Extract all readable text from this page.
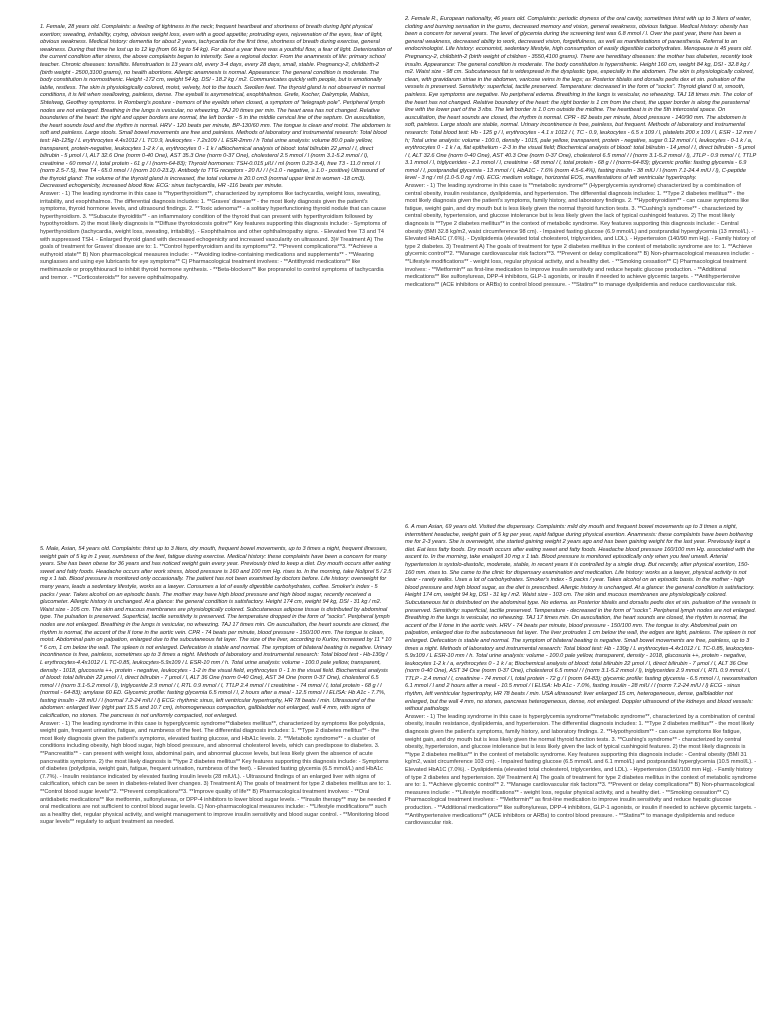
1. Female, 28 years old. Complaints: a feeling of tightness in the neck; frequent heartbeat and shortness of breath during light physical exertion; sweating, irritability, crying, obvious weight loss, even with a good appetite; protruding eyes, rejuvenation of the eyes, fear of light, obvious weakness. Medical history: dementia for about 2 years, tachycardia for the first time, shortness of breath during exercise, general weakness. During that time he lost up to 12 kg (from 66 kg to 54 kg). For about a year there was a youthful flow, a fear of light. Deterioration of the current condition after stress, the above complaints began to intensify. See a regional doctor. From the anamnesis of life: primary school teacher. Chronic diseases: tonsillitis. Menstruation is 13 years old, every 3-4 days, every 28 days, small, stable. Pregnancy-2, childbirth-2 (birth weight - 2500,3100 grams), no health abortions. Allergic anamnesis is normal. Appearance: The general condition is moderate. The body constitution is normosthenic. Height -172 cm, weight 54 kg. DSI - 18.2 kg / m2. Communicates quickly with people, but is emotionally labile, restless. The skin is physiologically colored, moist, velvety, hot to the touch. Swollen feet. The thyroid gland is not observed in normal conditions, it is felt when swallowing, painless, dense. The eyeball is asymmetrical, exophthalmos. Grefe, Kocher, Dalrymple, Mabius, Shtelwag, Geoffrey symptoms. In Romberg's posture - tremors of the eyelids when closed, a symptom of "telegraph pole". Peripheral lymph nodes are not enlarged. Breathing in the lungs is vesicular, no wheezing. TAJ 20 times per min. The heart area has not changed. Relative boundaries of the heart: the right and upper borders are normal, the left border - 5 in the middle cervical line of the septum. On auscultation, the heart sounds loud and the rhythm is normal. HRV - 120 beats per minute, BP-130/60 mm. The tongue is clean and moist. The abdomen is soft and painless. Large stools. Small bowel movements are free and painless. Methods of laboratory and instrumental research: Total blood test: Hb-125g / L erythrocytes 4.4x1012 / L TC0.9, leukocytes - 7.2x109 / L ESR-2mm / h Total urine analysis: volume 80.0 pale yellow, transparent, protein-negative, leukocytes 1-2 k / a, erythrocytes 0 - 1 k / aBiochemical analysis of blood: total bilirubin 22 μmol / l, direct bilirubin - 5 μmol / l, ALT 32.6 One (norm 0-40 One), AST 35.3 One (norm 0-37 One), cholesterol 2.5 mmol / l (norm 3.1-5.2 mmol / l), creatinine - 60 mmol / l, total protein - 61 g / l (norm-64-83); Thyroid hormones: TSH-0.015 μIU / ml (norm 0.23-3.4), free T3 - 11.0 nmol / l (norm 2.5-7.5), free T4 - 65.0 nmol / l (norm 10.0-23.2). Antibody to TTG receptors - 20 IU / l (<1.0 - negative, ≥ 1.0 - positive) Ultrasound of the thyroid gland: The volume of the thyroid gland is increased, the total volume is 20.0 cm3 (normal upper limit in women -18 cm3). Decreased echogenicity, increased blood flow. ECG: sinus tachycardia, HR -116 beats per minute.

Answer: - 1) The leading syndrome in this case is **hyperthyroidism**, characterized by symptoms like tachycardia, weight loss, sweating, irritability, and exophthalmos. The differential diagnosis includes: 1. **Graves' disease** - the most likely diagnosis given the patient's symptoms, thyroid hormone levels, and ultrasound findings. 2. **Toxic adenoma** - a solitary hyperfunctioning thyroid nodule that can cause hyperthyroidism. 3. **Subacute thyroiditis** - an inflammatory condition of the thyroid that can present with hyperthyroidism followed by hypothyroidism. 2) the most likely diagnosis is **Diffuse thyrotoxicosis goitre** Key features supporting this diagnosis include: - Symptoms of hyperthyroidism (tachycardia, weight loss, sweating, irritability). - Exophthalmos and other ophthalmopathy signs. - Elevated free T3 and T4 with suppressed TSH. - Enlarged thyroid gland with decreased echogenicity and increased vascularity on ultrasound. 3)# Treatment A) The goals of treatment for Graves' disease are to: 1. **Control hyperthyroidism and its symptoms**2. **Prevent complications**3. **Achieve a euthyroid state** B) Non pharmacological measures include: - **Avoiding iodine-containing medications and supplements** - **Wearing sunglasses and using eye lubricants for eye symptoms** C) Pharmacological treatment involves: - **Antithyroid medications** like methimazole or propylthiouracil to inhibit thyroid hormone synthesis. - **Beta-blockers** like propranolol to control symptoms of tachycardia and tremor. - **Corticosteroids** for severe ophthalmopathy.

2. Female R., European nationality, 46 years old. Complaints: periodic dryness of the oral cavity, sometimes thirst with up to 3 liters of water, clotting and burning sensation in the gums, decreased memory and vision, general weakness, obvious fatigue. Medical history: obesity has been a concern for several years. The level of glycemia during the screening test was 6.8 mmol / l. Over the past year, there has been a general weakness, decreased ability to work, decreased vision, forgetfulness, as well as manifestations of paraesthesia. Referral to an endocrinologist. Life history: economist, sedentary lifestyle, high consumption of easily digestible carbohydrates. Menopause is 45 years old. Pregnancy-2, childbirth-2 (birth weight of children - 3550,4100 grams). There are hereditary diseases: the mother has diabetes, recently took insulin. Appearance: The general condition is moderate. The body constitution is hypersthenic. Height 160 cm, weight 84 kg, DSI - 32.8 kg / m2. Waist size - 98 cm. Subcutaneous fat is widespread in the dysplastic type, especially in the abdomen. The skin is physiologically colored, clean, with gravidarum striae in the abdomen, varicose veins in the legs; as Posterior tibialis and dorsalis pedis dex et sin. pulsation of the vessels is preserved. Sensitivity: superficial, tactile preserved. Temperature: decreased in the form of "socks". Thyroid gland 0 st, smooth, painless. Eye symptoms are negative. No peripheral edema. Breathing in the lungs is vesicular, no wheezing. TAJ 18 times min. The color of the heart has not changed. Relative boundary of the heart: the right border is 1 cm from the chest, the upper border is along the parasternal line with the lower part of the 3 ribs. The left border is 1.0 cm outside the midline. The heartbeat is in the 5th intercostal space. On auscultation, the heart sounds are closed, the rhythm is normal. CPR - 82 beats per minute, blood pressure - 140/90 mm. The abdomen is soft, painless. Large stools are stable, normal. Urinary incontinence is free, painless, but frequent. Methods of laboratory and instrumental research: Total blood test: Hb - 125 g / l, erythrocytes - 4.1 x 1012 / l, TC - 0.9, leukocytes - 6.5 x 109 / l, platelets 200 x 109 / l, ESR - 12 mm / h; Total urine analysis: volume - 100.0, density - 1015, pale yellow, transparent, protein - negative, sugar 0.12 mmol / l, leukocytes - 0-1 k / a, erythrocytes 0 - 1 k / a, flat epithelium - 2-3 in the visual field; Biochemical analysis of blood: total bilirubin - 14 μmol / l, direct bilirubin - 5 μmol / l, ALT 32.6 One (norm 0-40 One), AST 40.3 One (norm 0-37 One), cholesterol 6.5 mmol / l (norm 3.1-5.2 mmol / l), JTLP - 0.9 mmol / l, TTLP 3.1 mmol / l, triglycerides - 2.1 mmol / l, creatinine - 68 mmol / l, total protein - 68 g / l (norm-64-83); glycemic profile: fasting glycemia - 6.9 mmol / l, postprandial glycemia - 13 mmol / l, HbA1C - 7.6% (norm 4.5-6.4%), fasting insulin - 38 mIU / l (norm 7.1-24.4 mIU / l), C-peptide level - 3 ng / ml (1.0-5.0 ng / ml). ECG: medium voltage, horizontal EOS, manifestations of left ventricular hypertrophy.

Answer: - 1) The leading syndrome in this case is **metabolic syndrome** (Hyperglycemia syndrome) characterized by a combination of central obesity, insulin resistance, dyslipidemia, and hypertension. The differential diagnosis includes: 1. **Type 2 diabetes mellitus** - the most likely diagnosis given the patient's symptoms, family history, and laboratory findings. 2. **Hypothyroidism** - can cause symptoms like fatigue, weight gain, and dry mouth but is less likely given the normal thyroid function tests. 3. **Cushing's syndrome** - characterized by central obesity, hypertension, and glucose intolerance but is less likely given the lack of typical cushingoid features. 2) The most likely diagnosis is **Type 2 diabetes mellitus** in the context of metabolic syndrome. Key features supporting this diagnosis include: - Central obesity (BMI 32.8 kg/m2, waist circumference 98 cm). - Impaired fasting glucose (6.9 mmol/L) and postprandial hyperglycemia (13 mmol/L). - Elevated HbA1C (7.6%). - Dyslipidemia (elevated total cholesterol, triglycerides, and LDL). - Hypertension (140/90 mm Hg). - Family history of type 2 diabetes. 3) Treatment A) The goals of treatment for type 2 diabetes mellitus in the context of metabolic syndrome are to: 1. **Achieve glycemic control**2. **Manage cardiovascular risk factors**3. **Prevent or delay complications** B) Non-pharmacological measures include: - **Lifestyle modifications** - weight loss, regular physical activity, and a healthy diet. - **Smoking cessation** C) Pharmacological treatment involves: - **Metformin** as first-line medication to improve insulin sensitivity and reduce hepatic glucose production. - **Additional medications** like sulfonylureas, DPP-4 inhibitors, GLP-1 agonists, or insulin if needed to achieve glycemic targets. - **Antihypertensive medications** (ACE inhibitors or ARBs) to control blood pressure. - **Statins** to manage dyslipidemia and reduce cardiovascular risk.

5. Male, Asian, 54 years old. Complaints: thirst up to 3 liters, dry mouth, frequent bowel movements, up to 3 times a night, frequent illnesses, weight gain of 5 kg in 1 year, numbness of the feet, fatigue during exercise. Medical history: these complaints have been a concern for many years. She has been obese for 36 years and has noticed weight gain every year. Previously tried to keep a diet. Dry mouth occurs after eating sweet and fatty foods. Headache occurs after work stress, blood pressure is 160 and 100 mm Hg. rises to. In the morning, take Noliprel 5 / 2.5 mg x 1 tab. Blood pressure is monitored only occasionally. The patient has not been examined by doctors before. Life history: overweight for many years, leads a sedentary lifestyle, works as a lawyer. Consumes a lot of easily digestible carbohydrates, coffee. Smoker's index - 5 packs / year. Takes alcohol on an episodic basis. The mother may have high blood pressure and high blood sugar, recently received a glucometer. Allergic history is unchanged. At a glance: the general condition is satisfactory. Height 174 cm, weight 94 kg, DSI - 31 kg / m2. Waist size - 105 cm. The skin and mucous membranes are physiologically colored. Subcutaneous adipose tissue is distributed by abdominal type. The pulsation is preserved. Superficial, tactile sensitivity is preserved. The temperature dropped in the form of "socks". Peripheral lymph nodes are not enlarged. Breathing in the lungs is vesicular, no wheezing. TAJ 17 times min. On auscultation, the heart sounds are closed, the rhythm is normal, the accent of the II tone in the aortic vein. CPR - 74 beats per minute, blood pressure - 150/100 mm. The tongue is clean, moist. Abdominal pain on palpation, enlarged due to the subcutaneous fat layer. The size of the liver, according to Kurlov, increased by 11 * 10 * 6 cm, 1 cm below the wall. The spleen is not enlarged. Defecation is stable and normal. The symptom of bilateral beating is negative. Urinary incontinence is free, painless, sometimes up to 3 times a night. Methods of laboratory and instrumental research: Total blood test - Hb-130g / L erythrocytes-4.4x1012 / L TC-0.85, leukocytes-5.9x109 / L ESR-10 mm / h. Total urine analysis: volume - 100.0 pale yellow, transparent, density - 1018, glucosuria ++, protein - negative, leukocytes - 1-2 in the visual field, erythrocytes 0 - 1 in the visual field. Biochemical analysis of blood: total bilirubin 22 μmol / l, direct bilirubin - 7 μmol / l, ALT 36 One (norm 0-40 One), AST 34 One (norm 0-37 One), cholesterol 6.5 mmol / l (norm 3.1-5.2 mmol / l), triglyceride 2.9 mmol / l, RTL 0.9 mmol / l, TTLP 2.4 mmol / l creatinine - 74 mmol / l, total protein - 68 g / l (normal - 64-83); amylase 60 ED. Glycemic profile: fasting glycemia 6.5 mmol / l, 2 hours after a meal - 12.5 mmol / l ELISA: Hb A1c - 7.7%, fasting insulin - 28 mIU / l (normal 7.2-24 mIU / l) ECG: rhythmic sinus, left ventricular hypertrophy, HR 78 beats / min. Ultrasound of the abdomen: enlarged liver (right part 15.5 and 10.7 cm), inhomogeneous compaction, gallbladder not enlarged, wall 4 mm, with signs of calcification, no stones. The pancreas is not uniformly compacted, not enlarged.

Answer: - 1) The leading syndrome in this case is hyperglycemic syndrome**diabetes mellitus**, characterized by symptoms like polydipsia, weight gain, frequent urination, fatigue, and numbness of the feet. The differential diagnosis includes: 1. **Type 2 diabetes mellitus** - the most likely diagnosis given the patient's symptoms, elevated fasting glucose, and HbA1c levels. 2. **Metabolic syndrome** - a cluster of conditions including obesity, high blood sugar, high blood pressure, and abnormal cholesterol levels, which can predispose to diabetes. 3. **Pancreatitis** - can present with weight loss, abdominal pain, and abnormal glucose levels, but less likely given the absence of acute pancreatitis symptoms. 2) the most likely diagnosis is **type 2 diabetes mellitus** Key features supporting this diagnosis include: - Symptoms of diabetes (polydipsia, weight gain, fatigue, frequent urination, numbness of the feet). - Elevated fasting glycemia (6.5 mmol/L) and HbA1c (7.7%). - Insulin resistance indicated by elevated fasting insulin levels (28 mIU/L). - Ultrasound findings of an enlarged liver with signs of calcification, which can be seen in diabetes-related liver changes. 3) Treatment A) The goals of treatment for type 2 diabetes mellitus are to: 1. **Control blood sugar levels**2. **Prevent complications**3. **Improve quality of life** B) Pharmacological treatment involves: - **Oral antidiabetic medications** like metformin, sulfonylureas, or DPP-4 inhibitors to lower blood sugar levels. - **Insulin therapy** may be needed if oral medications are not sufficient to control blood sugar levels. C) Non-pharmacological measures include: - **Lifestyle modifications** such as a healthy diet, regular physical activity, and weight management to improve insulin sensitivity and blood sugar control. - **Monitoring blood sugar levels** regularly to adjust treatment as needed.

6. A man Asian, 69 years old. Visited the dispensary. Complaints: mild dry mouth and frequent bowel movements up to 3 times a night, intermittent headache, weight gain of 5 kg per year, rapid fatigue during physical exertion. Anamnesis: these complaints have been bothering me for 2-3 years. She is overweight, she started gaining weight 2 years ago and has been gaining weight for the last year. Previously kept a diet. Eat less fatty foods. Dry mouth occurs after eating sweet and fatty foods. Headache blood pressure 160/100 mm Hg. associated with the ascent to. In the morning, take enalapril 10 mg x 1 tab. Blood pressure is monitored episodically only when you feel unwell. Arterial hypertension is systolo-diastolic, moderate, stable, in recent years it is controlled by a single drug. But recently, after physical exertion, 150-160 mm. rises to. She came to the clinic for dispensary examination and medication. Life history: works as a lawyer, physical activity is not clear - rarely walks. Uses a lot of carbohydrates. Smoker's index - 5 packs / year. Takes alcohol on an episodic basis. In the mother - high blood pressure and high blood sugar, as the diet is prescribed. Allergic history is unchanged. At a glance: the general condition is satisfactory. Height 174 cm, weight 94 kg, DSI - 31 kg / m2. Waist size - 103 cm. The skin and mucous membranes are physiologically colored. Subcutaneous fat is distributed on the abdominal type. No edema. as Posterior tibialis and dorsalis pedis dex et sin. pulsation of the vessels is preserved. Sensitivity: superficial, tactile preserved. Temperature - decreased in the form of "socks". Peripheral lymph nodes are not enlarged. Breathing in the lungs is vesicular, no wheezing. TAJ 17 times min. On auscultation, the heart sounds are closed, the rhythm is normal, the accent of the II tone in the aortic vein. HRV - 74 beats per minute, blood pressure - 150/100 mm. The tongue is dry. Abdominal pain on palpation, enlarged due to the subcutaneous fat layer. The liver protrudes 1 cm below the wall, the edges are tight, painless. The spleen is not enlarged. Defecation is stable and normal. The symptom of bilateral beating is negative. Small bowel movements are free, painless, up to 3 times a night. Methods of laboratory and instrumental research: Total blood test: Hb - 130g / L erythrocytes-4.4x1012 / L TC-0.85, leukocytes-5.9x109 / L ESR-10 mm / h. Total urine analysis: volume - 100.0 pale yellow, transparent, density - 1018, glucosuria ++, protein - negative, leukocytes 1-2 k / a, erythrocytes 0 - 1 k / a; Biochemical analysis of blood: total bilirubin 22 μmol / l, direct bilirubin - 7 μmol / l, ALT 36 One (norm 0-40 One), AST 34 One (norm 0-37 One), cholesterol 6.5 mmol / l (norm 3.1-5.2 mmol / l), triglycerides 2.9 mmol / l, RTL 0.9 mmol / l, TTLP - 2.4 mmol / l, creatinine - 74 mmol / l, total protein - 72 g / l (norm 64-83); glycemic profile: fasting glycemia - 6.5 mmol / l, reexamination 6.1 mmol / l and 2 hours after a meal - 10.5 mmol / l ELISA: Hb A1c - 7.0%, fasting insulin - 28 mIU / l (norm 7.2-24 mIU / l) ECG - sinus rhythm, left ventricular hypertrophy, HR 78 beats / min. USA ultrasound: liver enlarged 15 cm, heterogeneous, dense, gallbladder not enlarged, but the wall 4 mm, no stones, pancreas heterogeneous, dense, not enlarged. Doppler ultrasound of the kidneys and blood vessels: without pathology.

Answer: - 1) The leading syndrome in this case is hyperglycemia syndrome**metabolic syndrome**, characterized by a combination of central obesity, insulin resistance, dyslipidemia, and hypertension. The differential diagnosis includes: 1. **Type 2 diabetes mellitus** - the most likely diagnosis given the patient's symptoms, family history, and laboratory findings. 2. **Hypothyroidism** - can cause symptoms like fatigue, weight gain, and dry mouth but is less likely given the normal thyroid function tests. 3. **Cushing's syndrome** - characterized by central obesity, hypertension, and glucose intolerance but is less likely given the lack of typical cushingoid features. 2) the most likely diagnosis is **type 2 diabetes mellitus** in the context of metabolic syndrome. Key features supporting this diagnosis include: - Central obesity (BMI 31 kg/m2, waist circumference 103 cm). - Impaired fasting glucose (6.5 mmol/L and 6.1 mmol/L) and postprandial hyperglycemia (10.5 mmol/L). - Elevated HbA1C (7.0%). - Dyslipidemia (elevated total cholesterol, triglycerides, and LDL). - Hypertension (150/100 mm Hg). - Family history of type 2 diabetes and hypertension. 3)# Treatment A) The goals of treatment for type 2 diabetes mellitus in the context of metabolic syndrome are to: 1. **Achieve glycemic control** 2. **Manage cardiovascular risk factors**3. **Prevent or delay complications** B) Non-pharmacological measures include: - **Lifestyle modifications** - weight loss, regular physical activity, and a healthy diet. - **Smoking cessation** C) Pharmacological treatment involves: - **Metformin** as first-line medication to improve insulin sensitivity and reduce hepatic glucose production. - **Additional medications** like sulfonylureas, DPP-4 inhibitors, GLP-1 agonists, or insulin if needed to achieve glycemic targets. - **Antihypertensive medications** (ACE inhibitors or ARBs) to control blood pressure. - **Statins** to manage dyslipidemia and reduce cardiovascular risk.
